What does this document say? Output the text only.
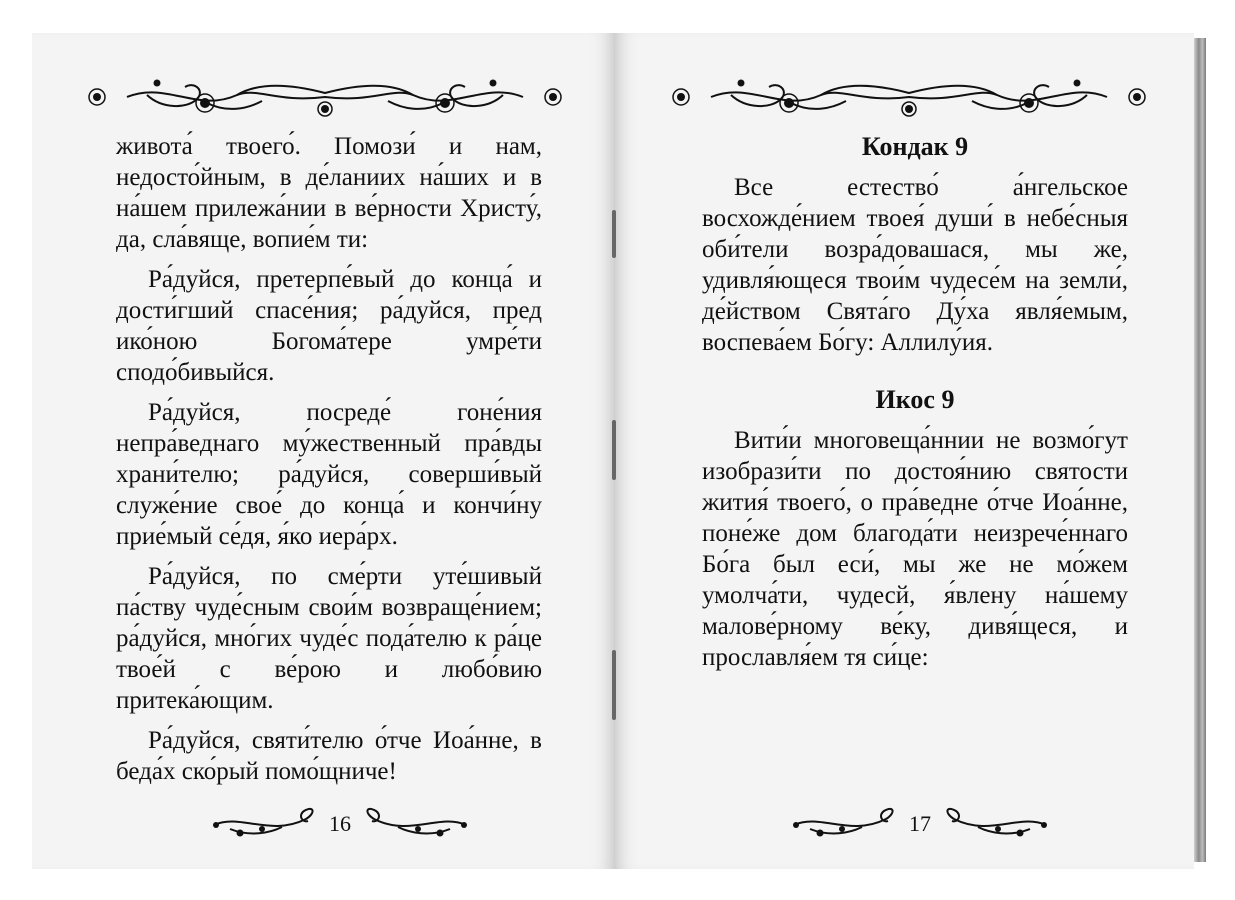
живота́ твоего́. Помози́ и нам, недосто́йным, в де́ланиих на́ших и в на́шем прилежа́нии в ве́рности Христу́, да, сла́вяще, вопие́м ти:

Ра́дуйся, претерпе́вый до конца́ и дости́гший спасе́ния; ра́дуйся, пред ико́ною Богома́тере умре́ти сподо́бивыйся.

Ра́дуйся, посреде́ гоне́ния непра́веднаго му́жественный пра́вды храни́телю; ра́дуйся, соверши́вый служе́ние свое́ до конца́ и кончи́ну прие́мый се́дя, я́ко иера́рх.

Ра́дуйся, по сме́рти уте́шивый па́ству чуде́сным свои́м возвраще́нием; ра́дуйся, мно́гих чуде́с пода́телю к ра́це твое́й с ве́рою и любо́вию притека́ющим.

Ра́дуйся, святи́телю о́тче Иоа́нне, в беда́х ско́рый помо́щниче!

16
Кондак 9

Все естество́ а́нгельское восхожде́нием твоея́ души́ в небе́сныя оби́тели возра́довашася, мы же, удивля́ющеся твои́м чудесе́м на земли́, де́йством Свята́го Ду́ха явля́емым, воспева́ем Бо́гу: Аллилу́ия.

Икос 9

Вити́и многовеща́ннии не возмо́гут изобрази́ти по достоя́нию святости жития́ твоего́, о пра́ведне о́тче Иоа́нне, поне́же дом благода́ти неизрече́ннаго Бо́га был еси́, мы же не мо́жем умолча́ти, чудесй, я́влену на́шему малове́рному ве́ку, дивя́щеся, и прославля́ем тя си́це:

17
